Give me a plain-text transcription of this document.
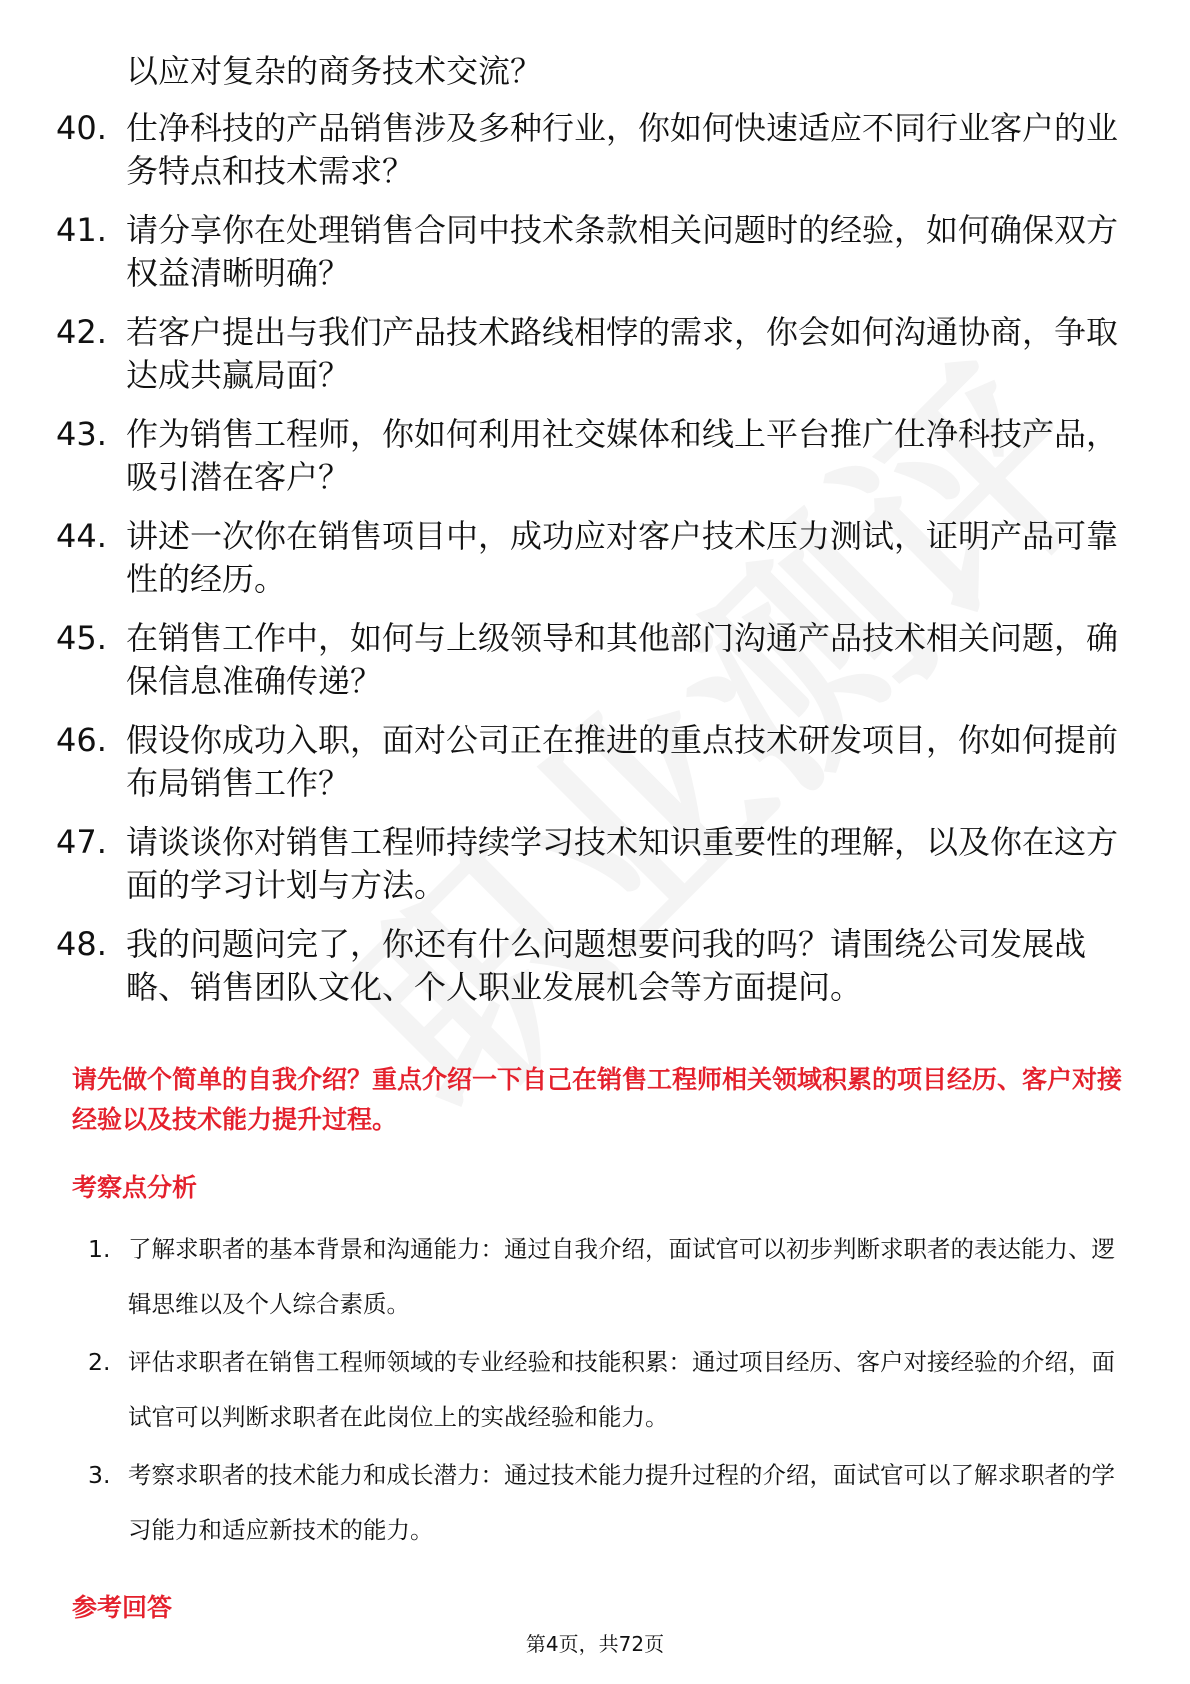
以应对复杂的商务技术交流？
40. 仕净科技的产品销售涉及多种行业，你如何快速适应不同行业客户的业务特点和技术需求？
41. 请分享你在处理销售合同中技术条款相关问题时的经验，如何确保双方权益清晰明确？
42. 若客户提出与我们产品技术路线相悖的需求，你会如何沟通协商，争取达成共赢局面？
43. 作为销售工程师，你如何利用社交媒体和线上平台推广仕净科技产品，吸引潜在客户？
44. 讲述一次你在销售项目中，成功应对客户技术压力测试，证明产品可靠性的经历。
45. 在销售工作中，如何与上级领导和其他部门沟通产品技术相关问题，确保信息准确传递？
46. 假设你成功入职，面对公司正在推进的重点技术研发项目，你如何提前布局销售工作？
47. 请谈谈你对销售工程师持续学习技术知识重要性的理解，以及你在这方面的学习计划与方法。
48. 我的问题问完了，你还有什么问题想要问我的吗？请围绕公司发展战略、销售团队文化、个人职业发展机会等方面提问。
请先做个简单的自我介绍？重点介绍一下自己在销售工程师相关领域积累的项目经历、客户对接经验以及技术能力提升过程。
考察点分析
1. 了解求职者的基本背景和沟通能力：通过自我介绍，面试官可以初步判断求职者的表达能力、逻辑思维以及个人综合素质。
2. 评估求职者在销售工程师领域的专业经验和技能积累：通过项目经历、客户对接经验的介绍，面试官可以判断求职者在此岗位上的实战经验和能力。
3. 考察求职者的技术能力和成长潜力：通过技术能力提升过程的介绍，面试官可以了解求职者的学习能力和适应新技术的能力。
参考回答
第4页，共72页
